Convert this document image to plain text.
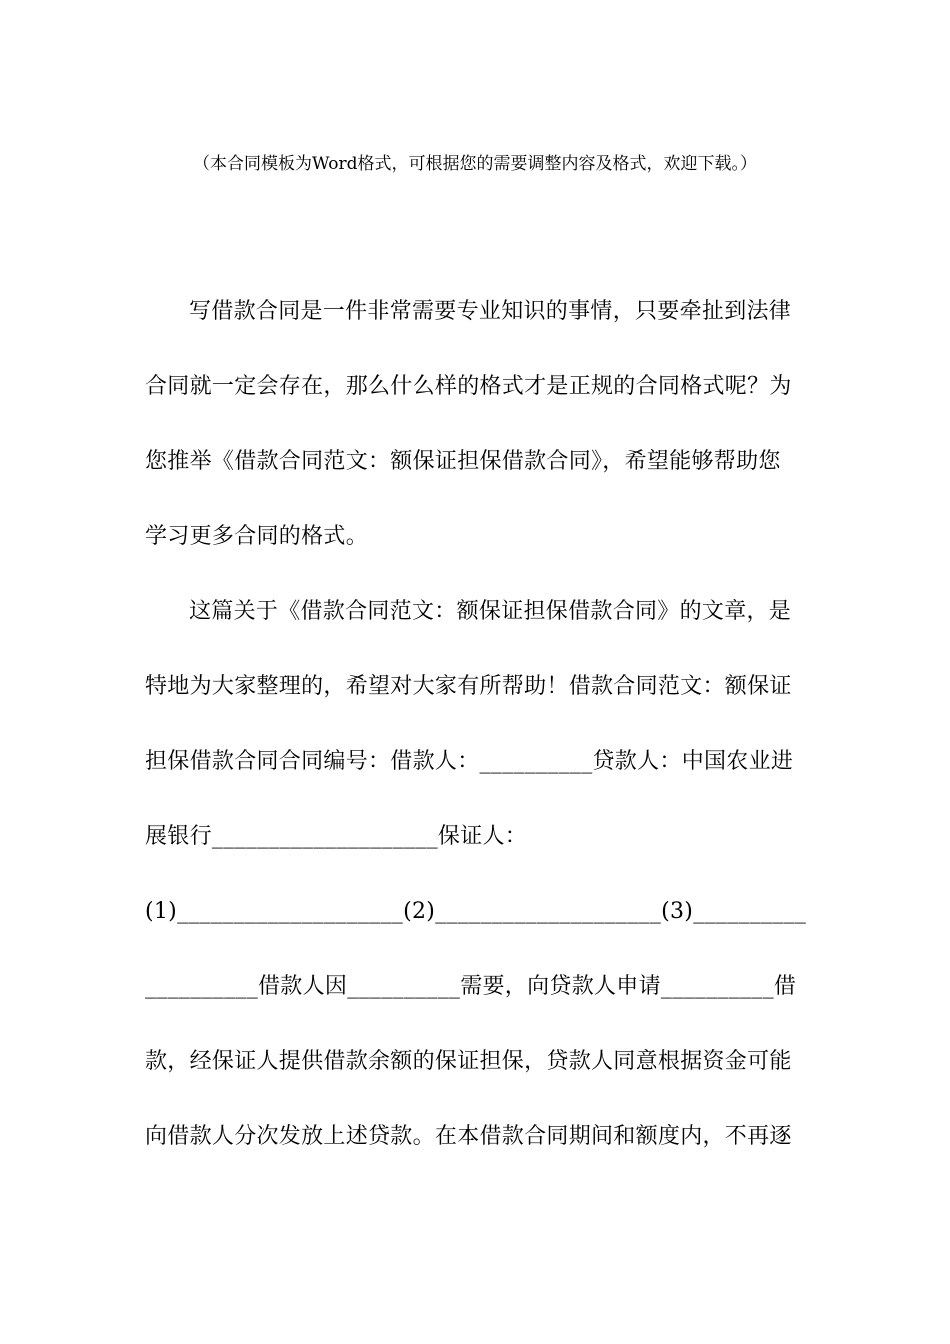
（本合同模板为Word格式，可根据您的需要调整内容及格式，欢迎下载。）
写借款合同是一件非常需要专业知识的事情，只要牵扯到法律
合同就一定会存在，那么什么样的格式才是正规的合同格式呢？为
您推举《借款合同范文：额保证担保借款合同》，希望能够帮助您
学习更多合同的格式。
这篇关于《借款合同范文：额保证担保借款合同》的文章，是
特地为大家整理的，希望对大家有所帮助！借款合同范文：额保证
担保借款合同合同编号：借款人：__________贷款人：中国农业进
展银行____________________保证人：
(1)____________________(2)____________________(3)__________
__________借款人因__________需要，向贷款人申请__________借
款，经保证人提供借款余额的保证担保，贷款人同意根据资金可能
向借款人分次发放上述贷款。在本借款合同期间和额度内，不再逐
